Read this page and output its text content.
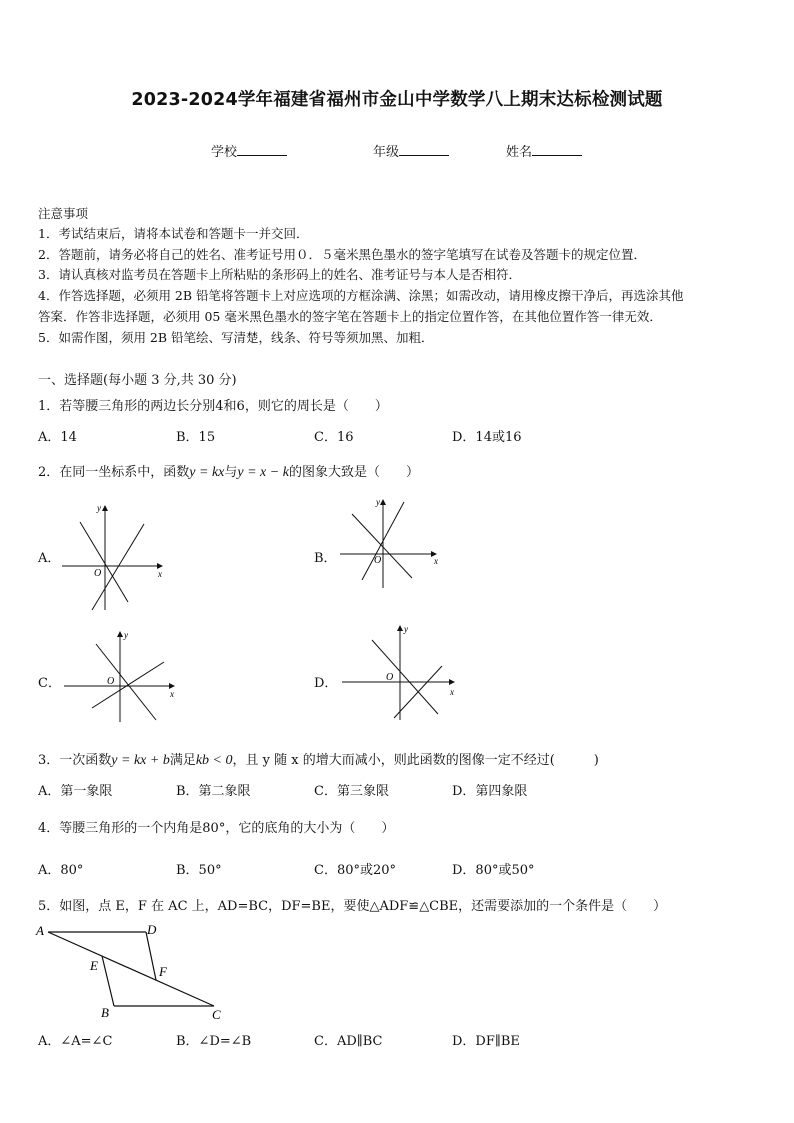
2023-2024学年福建省福州市金山中学数学八上期末达标检测试题
学校	年级	姓名
注意事项
1．考试结束后，请将本试卷和答题卡一并交回．
2．答题前，请务必将自己的姓名、准考证号用０．５毫米黑色墨水的签字笔填写在试卷及答题卡的规定位置．
3．请认真核对监考员在答题卡上所粘贴的条形码上的姓名、准考证号与本人是否相符．
4．作答选择题，必须用 2B 铅笔将答题卡上对应选项的方框涂满、涂黑；如需改动，请用橡皮擦干净后，再选涂其他
答案．作答非选择题，必须用 05 毫米黑色墨水的签字笔在答题卡上的指定位置作答，在其他位置作答一律无效．
5．如需作图，须用 2B 铅笔绘、写清楚，线条、符号等须加黑、加粗．
一、选择题(每小题 3 分,共 30 分)
1．若等腰三角形的两边长分别4和6，则它的周长是（　　）
A．14	B．15	C．16	D．14或16
2．在同一坐标系中，函数y = kx与y = x − k的图象大致是（　　）
A．
O	x
y
B．	O	x
y
C．	O
x
y
D．	O
x
y
3．一次函数y = kx + b满足kb < 0，且 y 随 x 的增大而减小，则此函数的图像一定不经过(　　　)
A．第一象限	B．第二象限	C．第三象限	D．第四象限
4．等腰三角形的一个内角是80°，它的底角的大小为（　　）
A．80°	B．50°	C．80°或20°	D．80°或50°
5．如图，点 E，F 在 AC 上，AD=BC，DF=BE，要使△ADF≌△CBE，还需要添加的一个条件是（　　）
A	D
E	F
B	C
A．∠A=∠C	B．∠D=∠B	C．AD∥BC	D．DF∥BE
